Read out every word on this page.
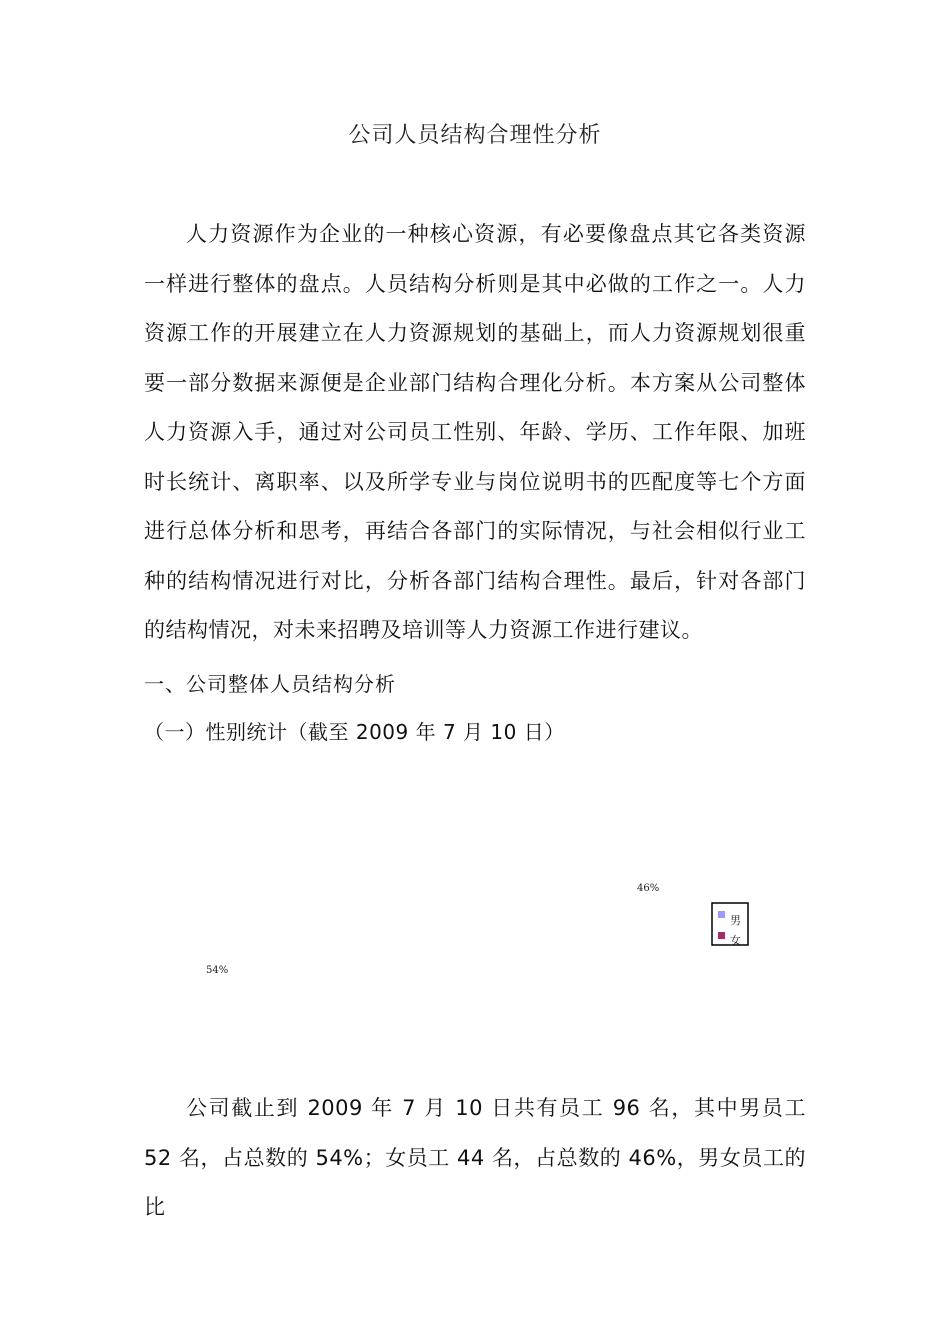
公司人员结构合理性分析

人力资源作为企业的一种核心资源，有必要像盘点其它各类资源一样进行整体的盘点。人员结构分析则是其中必做的工作之一。人力资源工作的开展建立在人力资源规划的基础上，而人力资源规划很重要一部分数据来源便是企业部门结构合理化分析。本方案从公司整体人力资源入手，通过对公司员工性别、年龄、学历、工作年限、加班时长统计、离职率、以及所学专业与岗位说明书的匹配度等七个方面进行总体分析和思考，再结合各部门的实际情况，与社会相似行业工种的结构情况进行对比，分析各部门结构合理性。最后，针对各部门的结构情况，对未来招聘及培训等人力资源工作进行建议。

一、公司整体人员结构分析
（一）性别统计（截至 2009 年 7 月 10 日）
54%
46%
男
女

公司截止到 2009 年 7 月 10 日共有员工 96 名，其中男员工 52 名，占总数的 54%；女员工 44 名，占总数的 46%，男女员工的比
